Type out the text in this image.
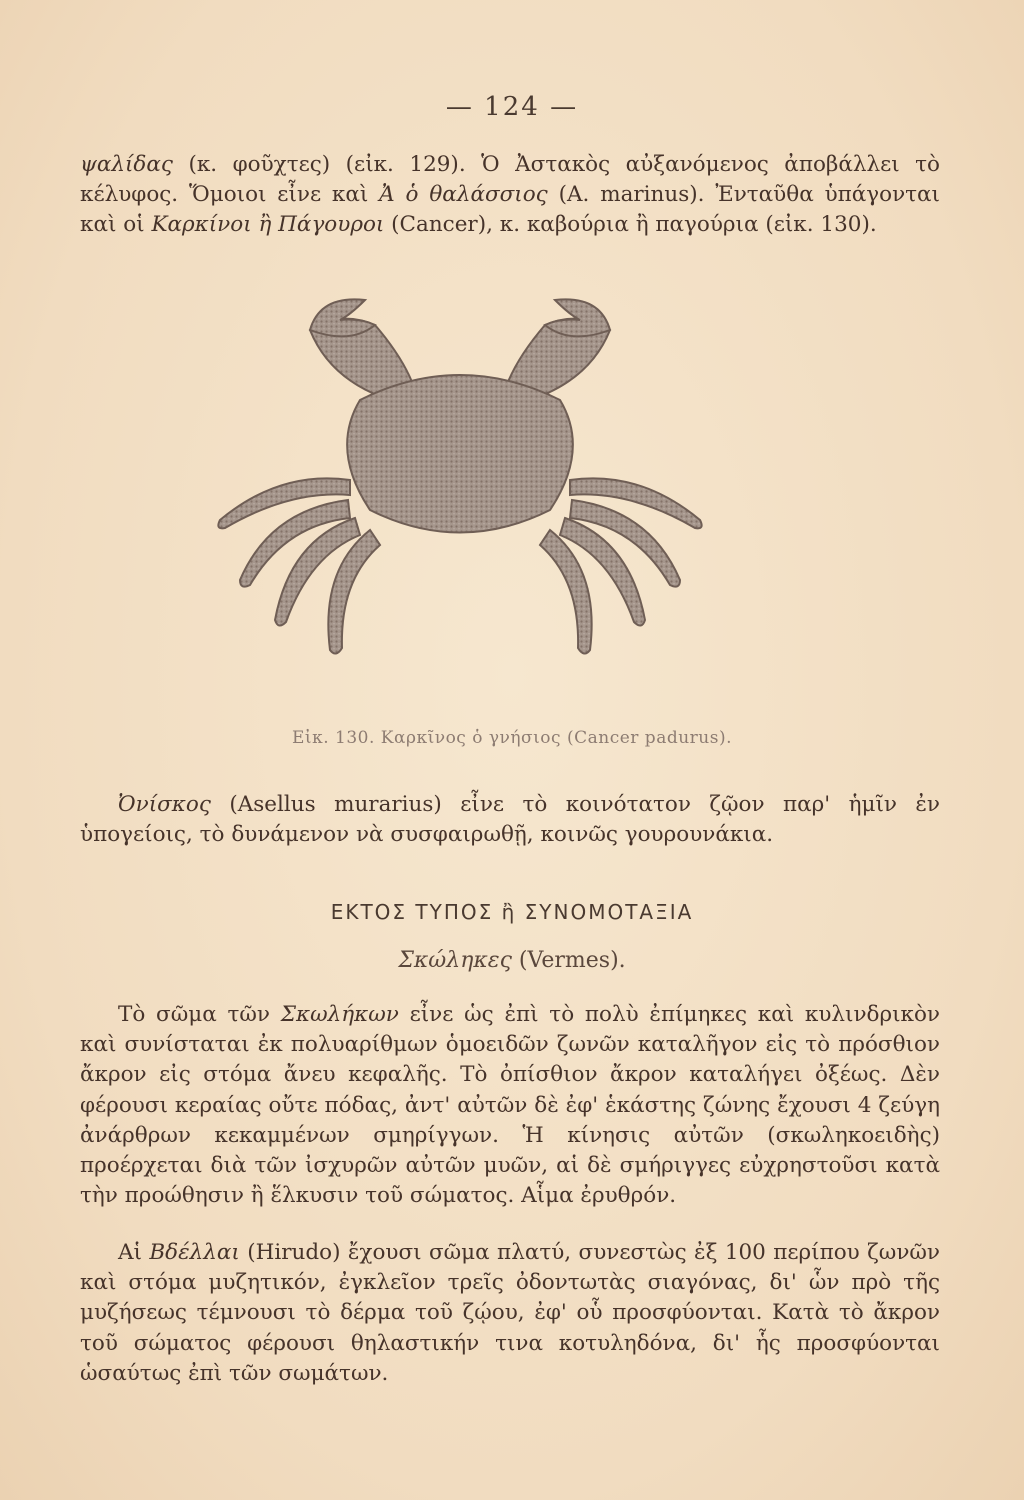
— 124 —
ψαλίδας (κ. φοῦχτες) (εἰκ. 129). Ὁ Ἀστακὸς αὐξανόμενος ἀποβάλλει τὸ κέλυφος. Ὅμοιοι εἶνε καὶ Ἀ ὁ θαλάσσιος (A. marinus). Ἐνταῦθα ὑπάγονται καὶ οἱ Καρκίνοι ἢ Πάγουροι (Cancer), κ. καβούρια ἢ παγούρια (εἰκ. 130).
Εἰκ. 130. Καρκῖνος ὁ γνήσιος (Cancer padurus).
Ὀνίσκος (Asellus murarius) εἶνε τὸ κοινότατον ζῷον παρ' ἡμῖν ἐν ὑπογείοις, τὸ δυνάμενον νὰ συσφαιρωθῇ, κοινῶς γουρουνάκια.
ΕΚΤΟΣ ΤΥΠΟΣ ἢ ΣΥΝΟΜΟΤΑΞΙΑ
Σκώληκες (Vermes).
Τὸ σῶμα τῶν Σκωλήκων εἶνε ὡς ἐπὶ τὸ πολὺ ἐπίμηκες καὶ κυλινδρικὸν καὶ συνίσταται ἐκ πολυαρίθμων ὁμοειδῶν ζωνῶν καταλῆγον εἰς τὸ πρόσθιον ἄκρον εἰς στόμα ἄνευ κεφαλῆς. Τὸ ὀπίσθιον ἄκρον καταλήγει ὀξέως. Δὲν φέρουσι κεραίας οὔτε πόδας, ἀντ' αὐτῶν δὲ ἐφ' ἑκάστης ζώνης ἔχουσι 4 ζεύγη ἀνάρθρων κεκαμμένων σμηρίγγων. Ἡ κίνησις αὐτῶν (σκωληκοειδὴς) προέρχεται διὰ τῶν ἰσχυρῶν αὐτῶν μυῶν, αἱ δὲ σμήριγγες εὐχρηστοῦσι κατὰ τὴν προώθησιν ἢ ἕλκυσιν τοῦ σώματος. Αἷμα ἐρυθρόν.
Αἱ Βδέλλαι (Hirudo) ἔχουσι σῶμα πλατύ, συνεστὼς ἐξ 100 περίπου ζωνῶν καὶ στόμα μυζητικόν, ἐγκλεῖον τρεῖς ὀδοντωτὰς σιαγόνας, δι' ὧν πρὸ τῆς μυζήσεως τέμνουσι τὸ δέρμα τοῦ ζῴου, ἐφ' οὗ προσφύονται. Κατὰ τὸ ἄκρον τοῦ σώματος φέρουσι θηλαστικήν τινα κοτυληδόνα, δι' ἧς προσφύονται ὡσαύτως ἐπὶ τῶν σωμάτων.
